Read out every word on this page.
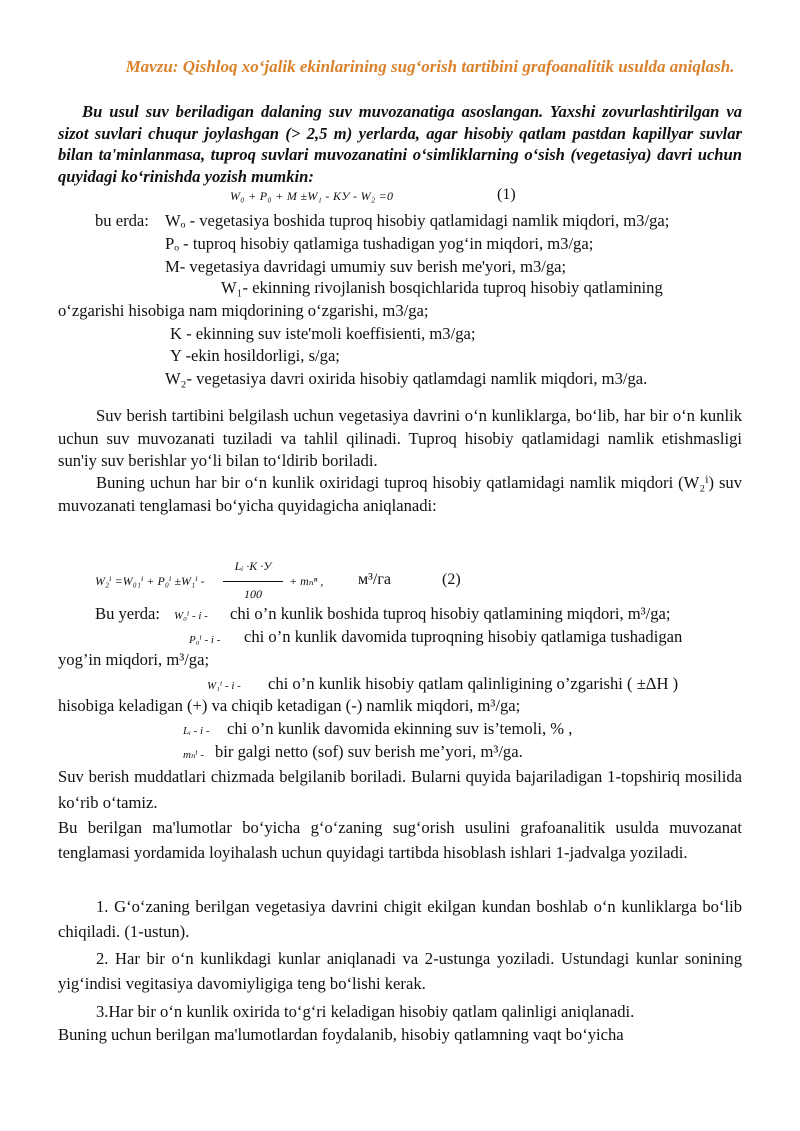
Mavzu: Qishloq xo‘jalik ekinlarining sug‘orish tartibini grafoanalitik usulda aniqlash.
Bu usul suv beriladigan dalaning suv muvozanatiga asoslangan. Yaxshi zovurlashtirilgan va sizot suvlari chuqur joylashgan (> 2,5 m) yerlarda, agar hisobiy qatlam pastdan kapillyar suvlar bilan ta'minlanmasa, tuproq suvlari muvozanatini o‘simliklarning o‘sish (vegetasiya) davri uchun quyidagi ko‘rinishda yozish mumkin:
W₀ + P₀ + M ±W₁ - KУ - W₂ =0	(1)
bu erda: Wₒ - vegetasiya boshida tuproq hisobiy qatlamidagi namlik miqdori, m3/ga;
Pₒ - tuproq hisobiy qatlamiga tushadigan yog‘in miqdori, m3/ga;
M- vegetasiya davridagi umumiy suv berish me'yori, m3/ga;
W₁- ekinning rivojlanish bosqichlarida tuproq hisobiy qatlamining
o‘zgarishi hisobiga nam miqdorining o‘zgarishi, m3/ga;
K - ekinning suv iste'moli koeffisienti, m3/ga;
Y -ekin hosildorligi, s/ga;
W₂- vegetasiya davri oxirida hisobiy qatlamdagi namlik miqdori, m3/ga.
Suv berish tartibini belgilash uchun vegetasiya davrini o‘n kunliklarga, bo‘lib, har bir o‘n kunlik uchun suv muvozanati tuziladi va tahlil qilinadi. Tuproq hisobiy qatlamidagi namlik etishmasligi sun'iy suv berishlar yo‘li bilan to‘ldirib boriladi.
Buning uchun har bir o‘n kunlik oxiridagi tuproq hisobiy qatlamidagi namlik miqdori (W₂ⁱ) suv muvozanati tenglamasi bo‘yicha quyidagicha aniqlanadi:
W₂ⁱ =W₀₁ⁱ + P₀ⁱ ±W₁ⁱ -
Lᵢ ·K ·У
100
+ mₙⁿ , м³/га	(2)
Bu yerda: W₀ⁱ - i - chi o’n kunlik boshida tuproq hisobiy qatlamining miqdori, m³/ga;
P₀ⁱ - i - chi o’n kunlik davomida tuproqning hisobiy qatlamiga tushadigan
yog’in miqdori, m³/ga;
W₁ⁱ - i - chi o’n kunlik hisobiy qatlam qalinligining o’zgarishi ( ±ΔH )
hisobiga keladigan (+) va chiqib ketadigan (-) namlik miqdori, m³/ga;
Lᵢ - i - chi o’n kunlik davomida ekinning suv is’temoli, % ,
mₙⁱ - bir galgi netto (sof) suv berish me’yori, m³/ga.
Suv berish muddatlari chizmada belgilanib boriladi. Bularni quyida bajariladigan 1-topshiriq mosilida ko‘rib o‘tamiz.
Bu berilgan ma'lumotlar bo‘yicha g‘o‘zaning sug‘orish usulini grafoanalitik usulda muvozanat tenglamasi yordamida loyihalash uchun quyidagi tartibda hisoblash ishlari 1-jadvalga yoziladi.
1. G‘o‘zaning berilgan vegetasiya davrini chigit ekilgan kundan boshlab o‘n kunliklarga bo‘lib chiqiladi. (1-ustun).
2. Har bir o‘n kunlikdagi kunlar aniqlanadi va 2-ustunga yoziladi. Ustundagi kunlar sonining yig‘indisi vegitasiya davomiyligiga teng bo‘lishi kerak.
3.Har bir o‘n kunlik oxirida to‘g‘ri keladigan hisobiy qatlam qalinligi aniqlanadi.
Buning uchun berilgan ma'lumotlardan foydalanib, hisobiy qatlamning vaqt bo‘yicha
